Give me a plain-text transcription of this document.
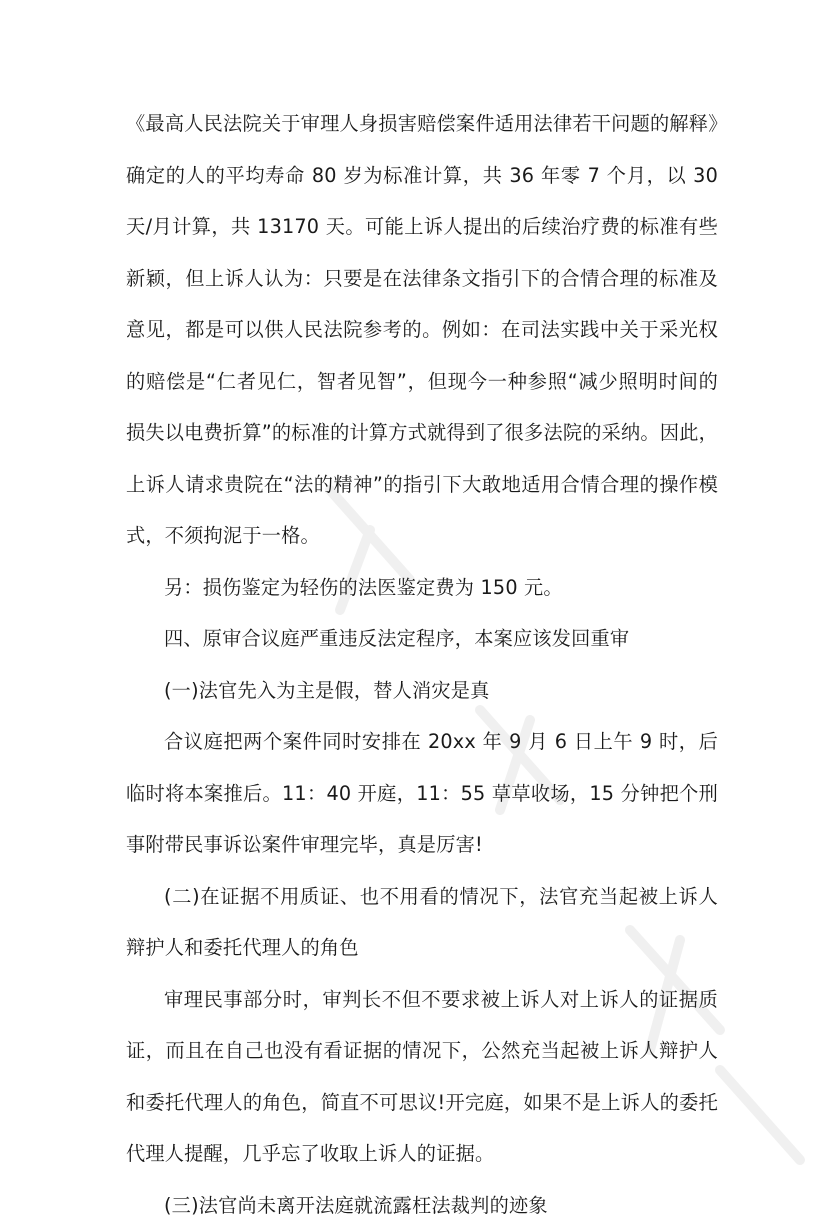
《最高人民法院关于审理人身损害赔偿案件适用法律若干问题的解释》确定的人的平均寿命 80 岁为标准计算，共 36 年零 7 个月，以 30 天/月计算，共 13170 天。可能上诉人提出的后续治疗费的标准有些新颖，但上诉人认为：只要是在法律条文指引下的合情合理的标准及意见，都是可以供人民法院参考的。例如：在司法实践中关于采光权的赔偿是“仁者见仁，智者见智”，但现今一种参照“减少照明时间的损失以电费折算”的标准的计算方式就得到了很多法院的采纳。因此，上诉人请求贵院在“法的精神”的指引下大敢地适用合情合理的操作模式，不须拘泥于一格。

另：损伤鉴定为轻伤的法医鉴定费为 150 元。

四、原审合议庭严重违反法定程序，本案应该发回重审

(一)法官先入为主是假，替人消灾是真

合议庭把两个案件同时安排在 20xx 年 9 月 6 日上午 9 时，后临时将本案推后。11：40 开庭，11：55 草草收场，15 分钟把个刑事附带民事诉讼案件审理完毕，真是厉害!

(二)在证据不用质证、也不用看的情况下，法官充当起被上诉人辩护人和委托代理人的角色

审理民事部分时，审判长不但不要求被上诉人对上诉人的证据质证，而且在自己也没有看证据的情况下，公然充当起被上诉人辩护人和委托代理人的角色，简直不可思议!开完庭，如果不是上诉人的委托代理人提醒，几乎忘了收取上诉人的证据。

(三)法官尚未离开法庭就流露枉法裁判的迹象
